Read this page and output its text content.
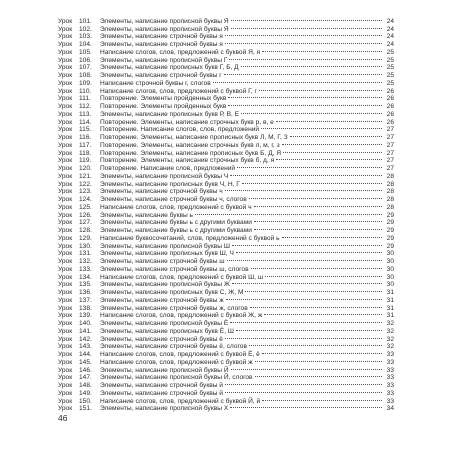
Урок	101.	Элементы, написание прописной буквы Я	24
Урок	102.	Элементы, написание прописной буквы Я	24
Урок	103.	Элементы, написание строчной буквы я	24
Урок	104.	Элементы, написание строчной буквы я	24
Урок	105.	Написание слогов, слов, предложений с буквой Я, я	25
Урок	106.	Элементы, написание прописной буквы Г	25
Урок	107.	Элементы, написание прописных букв Г, Б, Д	25
Урок	108.	Элементы, написание строчной буквы г	25
Урок	109.	Написание строчной буквы г, слогов	25
Урок	110.	Написание слогов, слов, предложений с буквой Г, г	26
Урок	111.	Повторение. Элементы пройденных букв	26
Урок	112.	Повторение. Элементы пройденных букв	26
Урок	113.	Элементы, написание прописных букв Р, В, Е	26
Урок	114.	Повторение. Элементы, написание строчных букв р, в, е	26
Урок	115.	Повторение. Написание слогов, слов, предложений	27
Урок	116.	Повторение. Элементы, написание прописных букв Л, М, Г, З	27
Урок	117.	Повторение. Элементы, написание строчных букв л, м, г, з	27
Урок	118.	Повторение. Элементы, написание прописных букв Б, Д, Я	27
Урок	119.	Повторение. Элементы, написание строчных букв б, д, я	27
Урок	120.	Повторение. Написание слов, предложений	27
Урок	121.	Элементы, написание прописной буквы Ч	28
Урок	122.	Элементы, написание прописных букв Ч, Н, Г	28
Урок	123.	Элементы, написание строчной буквы ч	28
Урок	124.	Элементы, написание строчной буквы ч, слогов	28
Урок	125.	Написание слогов, слов, предложений с буквой ч	28
Урок	126.	Элементы, написание буквы ь	29
Урок	127.	Элементы, написание буквы ь с другими буквами	29
Урок	128.	Элементы, написание буквы ь с другими буквами	29
Урок	129.	Написание буквосочетаний, слов, предложений с буквой ь	29
Урок	130.	Элементы, написание прописной буквы Ш	29
Урок	131.	Элементы, написание прописных букв Ш, Ч	30
Урок	132.	Элементы, написание строчной буквы ш	30
Урок	133.	Элементы, написание строчной буквы ш, слогов	30
Урок	134.	Написание слогов, слов, предложений с буквой Ш, ш	30
Урок	135.	Элементы, написание прописной буквы Ж	30
Урок	136.	Элементы, написание прописных букв С, Ж, М	31
Урок	137.	Элементы, написание строчной буквы ж	31
Урок	138.	Элементы, написание строчной буквы ж, слогов	31
Урок	139.	Написание слогов, слов, предложений с буквой Ж, ж	31
Урок	140.	Элементы, написание прописной буквы Ё	32
Урок	141.	Элементы, написание прописных букв Ё, Ш	32
Урок	142.	Элементы, написание строчной буквы ё	32
Урок	143.	Элементы, написание строчной буквы ё, слогов	32
Урок	144.	Написание слогов, слов, предложений с буквой Ё, ё	33
Урок	145.	Написание слогов, слов, предложений с буквой ж	33
Урок	146.	Элементы, написание прописной буквы Й	33
Урок	147.	Элементы, написание прописной буквы Й, слогов	33
Урок	148.	Элементы, написание строчной буквы й	33
Урок	149.	Элементы, написание строчной буквы й	33
Урок	150.	Написание слогов, слов, предложений с буквой Й, й	33
Урок	151.	Элементы, написание прописной буквы Х	34
46
